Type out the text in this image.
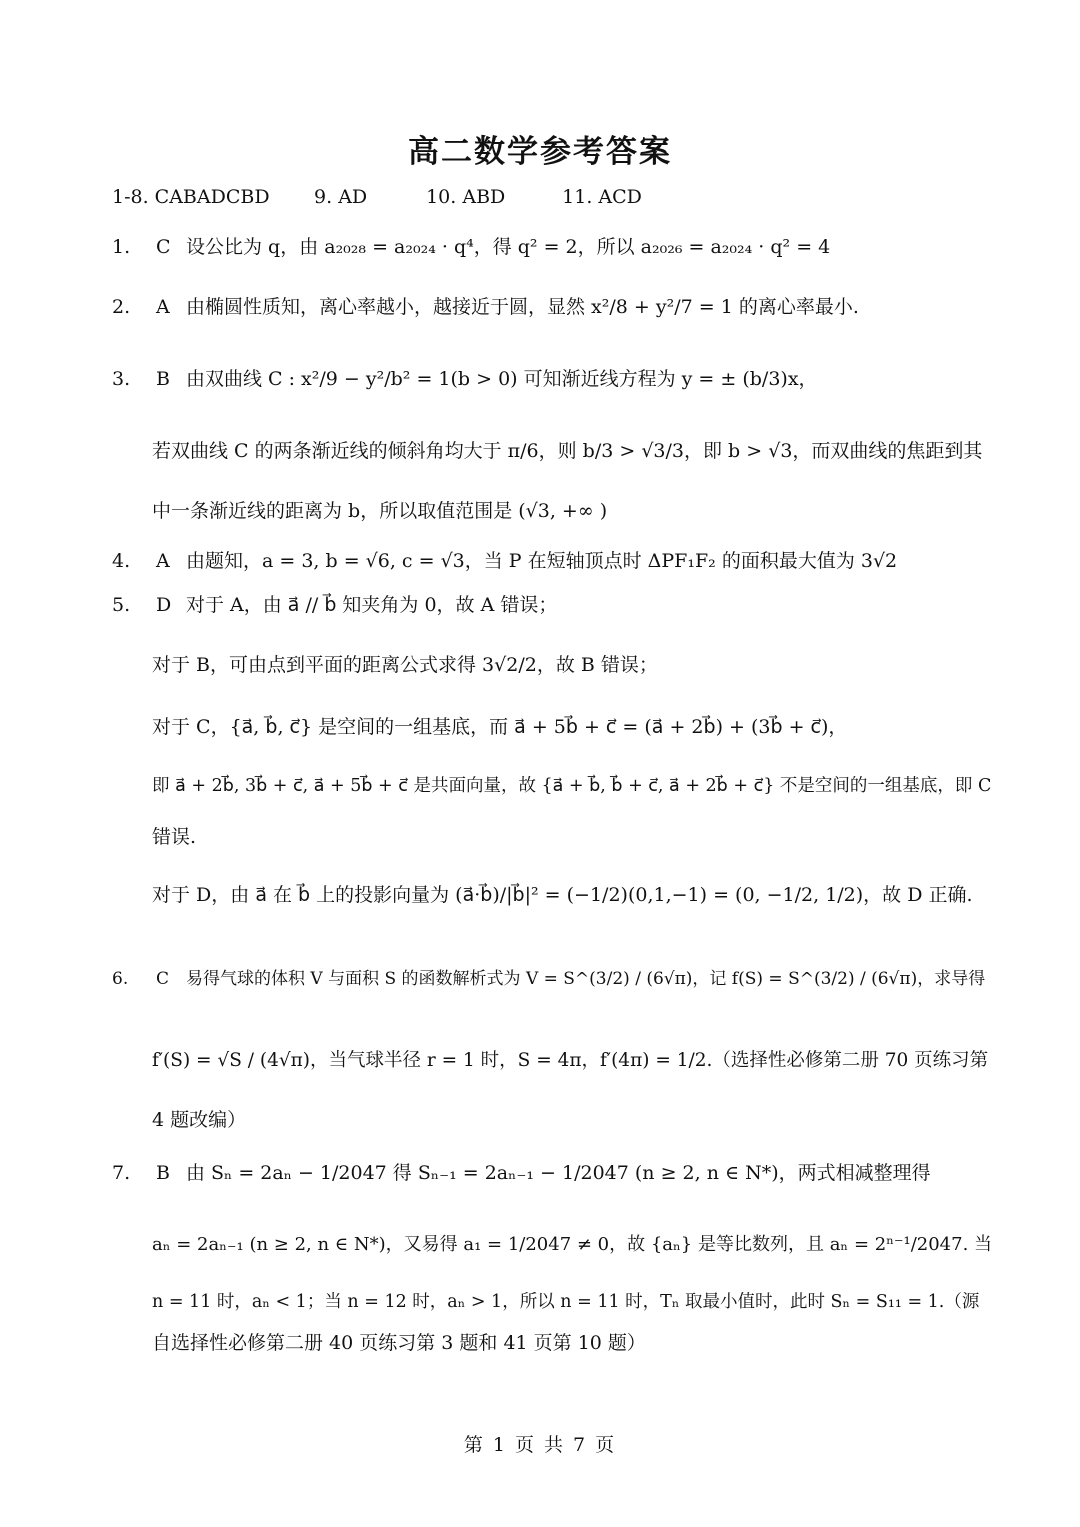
高二数学参考答案
1-8. CABADCBD 9. AD	10. ABD	11. ACD
1. C 设公比为 q，由 a₂₀₂₈ = a₂₀₂₄ · q⁴，得 q² = 2，所以 a₂₀₂₆ = a₂₀₂₄ · q² = 4
2. A 由椭圆性质知，离心率越小，越接近于圆，显然 x²/8 + y²/7 = 1 的离心率最小.
3. B 由双曲线 C : x²/9 − y²/b² = 1(b > 0) 可知渐近线方程为 y = ± (b/3)x，
若双曲线 C 的两条渐近线的倾斜角均大于 π/6，则 b/3 > √3/3，即 b > √3，而双曲线的焦距到其
中一条渐近线的距离为 b，所以取值范围是 (√3, +∞ )
4. A 由题知，a = 3, b = √6, c = √3，当 P 在短轴顶点时 ΔPF₁F₂ 的面积最大值为 3√2
5. D 对于 A，由 a⃗ // b⃗ 知夹角为 0，故 A 错误；
对于 B，可由点到平面的距离公式求得 3√2/2，故 B 错误；
对于 C，{a⃗, b⃗, c⃗} 是空间的一组基底，而 a⃗ + 5b⃗ + c⃗ = (a⃗ + 2b⃗) + (3b⃗ + c⃗)，
即 a⃗ + 2b⃗, 3b⃗ + c⃗, a⃗ + 5b⃗ + c⃗ 是共面向量，故 {a⃗ + b⃗, b⃗ + c⃗, a⃗ + 2b⃗ + c⃗} 不是空间的一组基底，即 C
错误.
对于 D，由 a⃗ 在 b⃗ 上的投影向量为 (a⃗·b⃗)/|b⃗|² = (−1/2)(0,1,−1) = (0, −1/2, 1/2)，故 D 正确.
6. C 易得气球的体积 V 与面积 S 的函数解析式为 V = S^(3/2) / (6√π)，记 f(S) = S^(3/2) / (6√π)，求导得
f′(S) = √S / (4√π)，当气球半径 r = 1 时，S = 4π，f′(4π) = 1/2.（选择性必修第二册 70 页练习第
4 题改编）
7. B 由 Sₙ = 2aₙ − 1/2047 得 Sₙ₋₁ = 2aₙ₋₁ − 1/2047 (n ≥ 2, n ∈ N*)，两式相减整理得
aₙ = 2aₙ₋₁ (n ≥ 2, n ∈ N*)，又易得 a₁ = 1/2047 ≠ 0，故 {aₙ} 是等比数列，且 aₙ = 2ⁿ⁻¹/2047. 当
n = 11 时，aₙ < 1；当 n = 12 时，aₙ > 1，所以 n = 11 时，Tₙ 取最小值时，此时 Sₙ = S₁₁ = 1.（源
自选择性必修第二册 40 页练习第 3 题和 41 页第 10 题）
第 1 页 共 7 页
